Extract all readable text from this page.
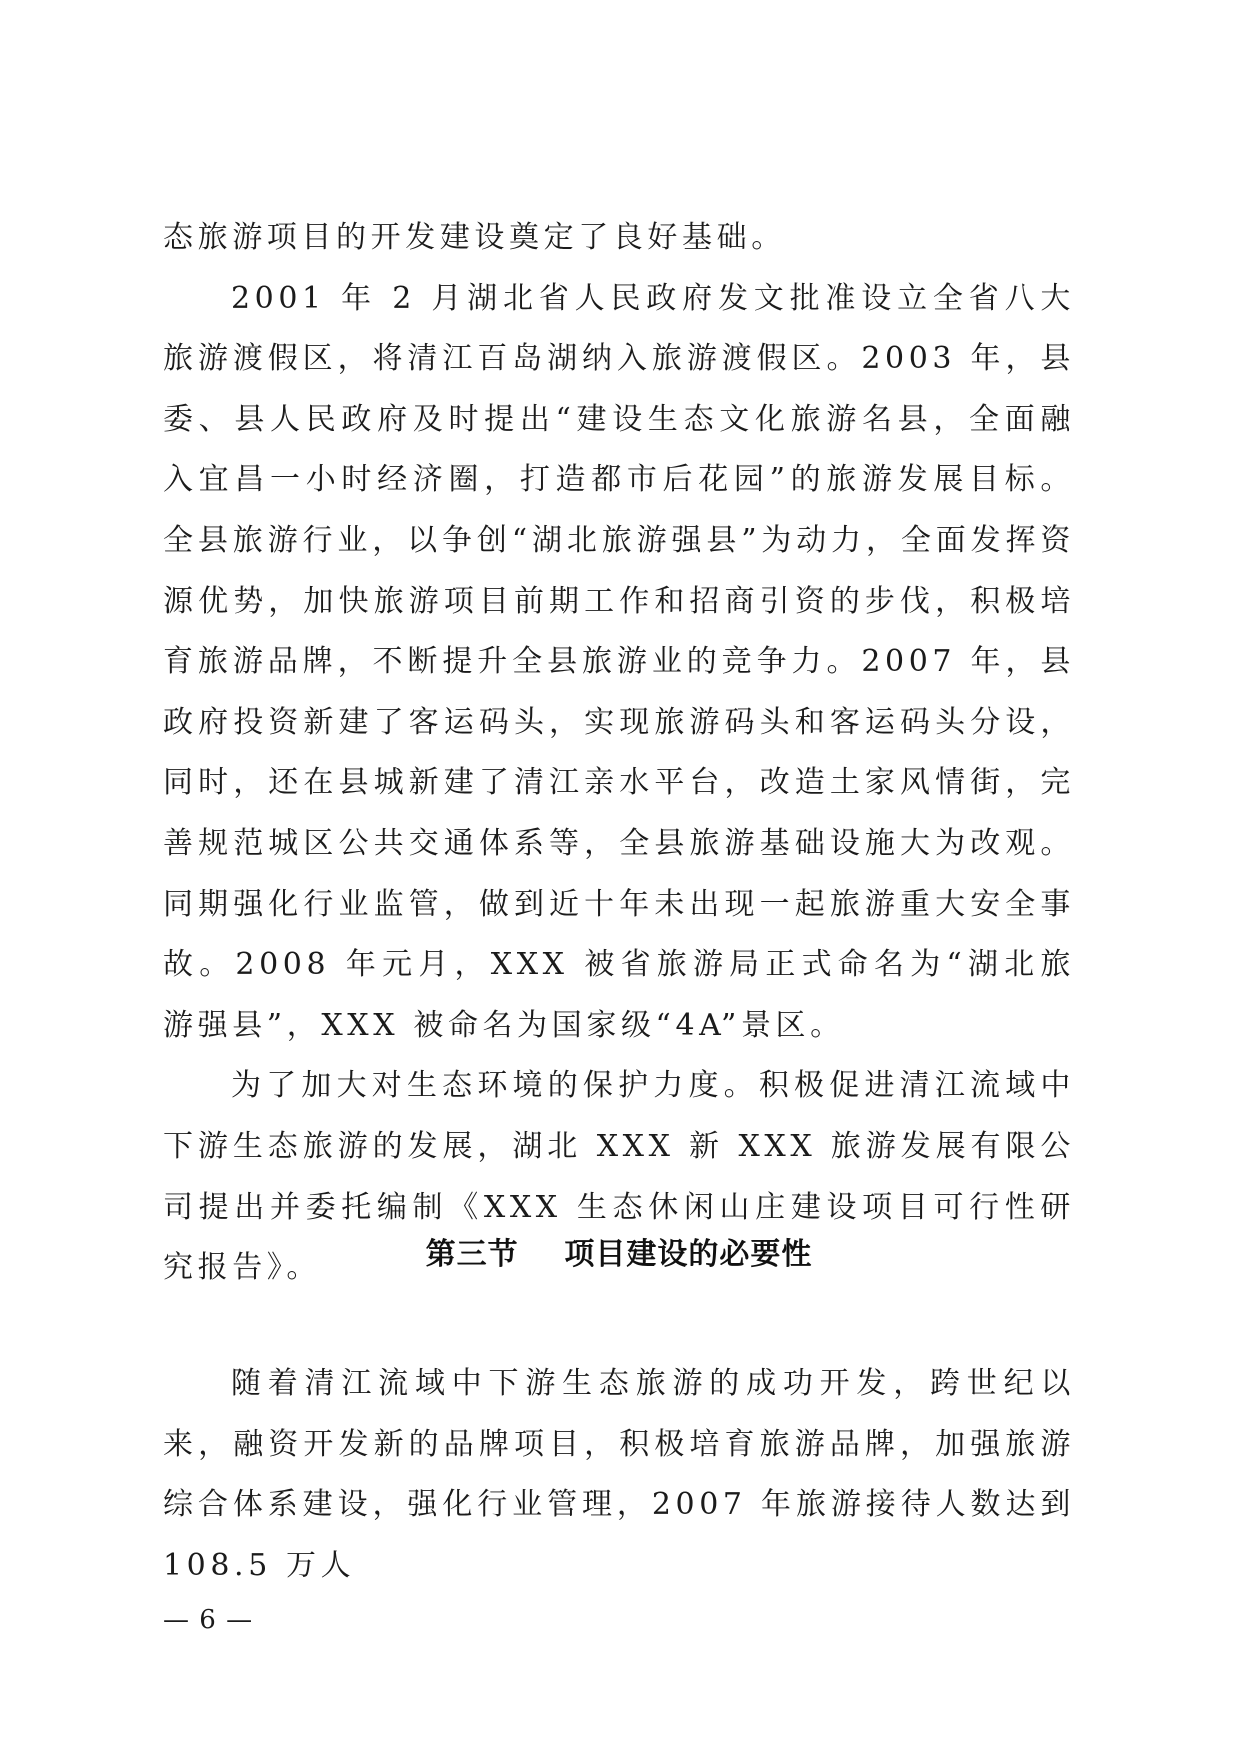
态旅游项目的开发建设奠定了良好基础。

2001 年 2 月湖北省人民政府发文批准设立全省八大旅游渡假区，将清江百岛湖纳入旅游渡假区。2003 年，县委、县人民政府及时提出“建设生态文化旅游名县，全面融入宜昌一小时经济圈，打造都市后花园”的旅游发展目标。全县旅游行业，以争创“湖北旅游强县”为动力，全面发挥资源优势，加快旅游项目前期工作和招商引资的步伐，积极培育旅游品牌，不断提升全县旅游业的竞争力。2007 年，县政府投资新建了客运码头，实现旅游码头和客运码头分设，同时，还在县城新建了清江亲水平台，改造土家风情街，完善规范城区公共交通体系等，全县旅游基础设施大为改观。同期强化行业监管，做到近十年未出现一起旅游重大安全事故。2008 年元月，XXX 被省旅游局正式命名为“湖北旅游强县”，XXX 被命名为国家级“4A”景区。

为了加大对生态环境的保护力度。积极促进清江流域中下游生态旅游的发展，湖北 XXX 新 XXX 旅游发展有限公司提出并委托编制《XXX 生态休闲山庄建设项目可行性研究报告》。	第三节    项目建设的必要性

随着清江流域中下游生态旅游的成功开发，跨世纪以来，融资开发新的品牌项目，积极培育旅游品牌，加强旅游综合体系建设，强化行业管理，2007 年旅游接待人数达到 108.5 万人

— 6 —
